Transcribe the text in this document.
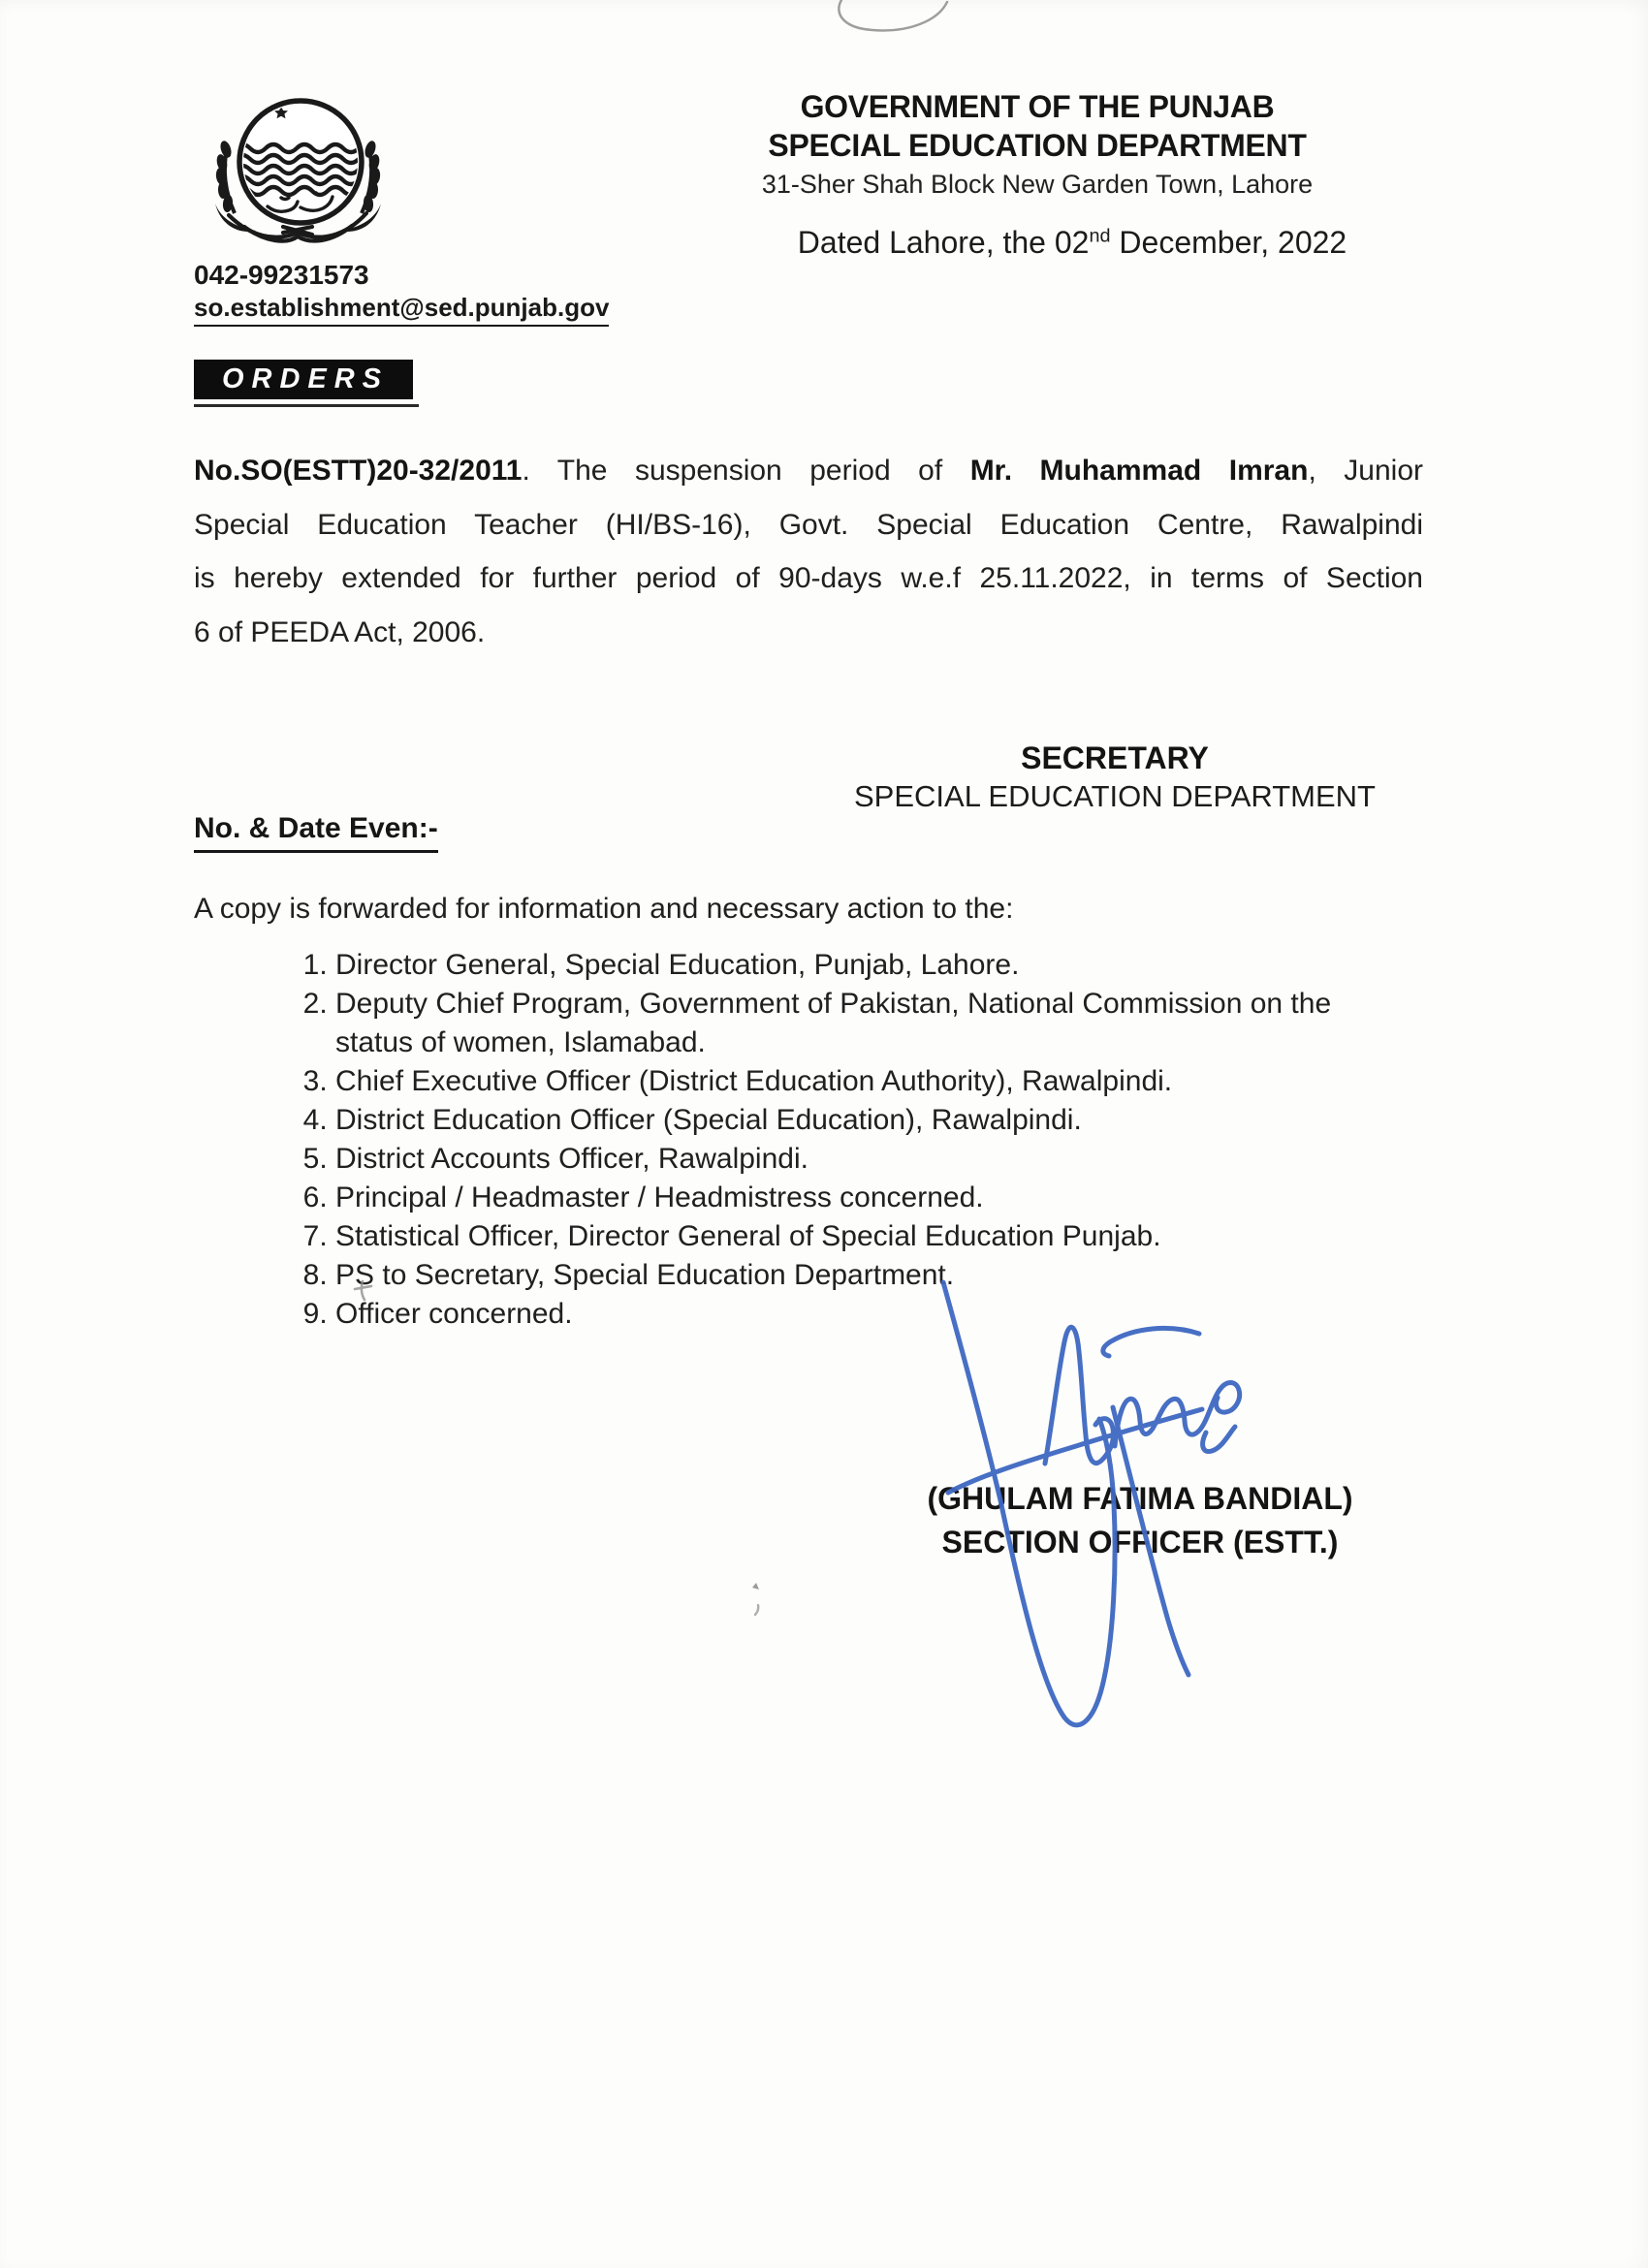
GOVERNMENT OF THE PUNJAB
SPECIAL EDUCATION DEPARTMENT
31-Sher Shah Block New Garden Town, Lahore
Dated Lahore, the 02nd December, 2022
042-99231573
so.establishment@sed.punjab.gov
ORDERS
No.SO(ESTT)20-32/2011. The suspension period of Mr. Muhammad Imran, Junior
Special Education Teacher (HI/BS-16), Govt. Special Education Centre, Rawalpindi
is hereby extended for further period of 90-days w.e.f 25.11.2022, in terms of Section
6 of PEEDA Act, 2006.
SECRETARY
SPECIAL EDUCATION DEPARTMENT
No. & Date Even:-
A copy is forwarded for information and necessary action to the:
1. Director General, Special Education, Punjab, Lahore.
2. Deputy Chief Program, Government of Pakistan, National Commission on the status of women, Islamabad.
3. Chief Executive Officer (District Education Authority), Rawalpindi.
4. District Education Officer (Special Education), Rawalpindi.
5. District Accounts Officer, Rawalpindi.
6. Principal / Headmaster / Headmistress concerned.
7. Statistical Officer, Director General of Special Education Punjab.
8. PS to Secretary, Special Education Department.
9. Officer concerned.
(GHULAM FATIMA BANDIAL)
SECTION OFFICER (ESTT.)
